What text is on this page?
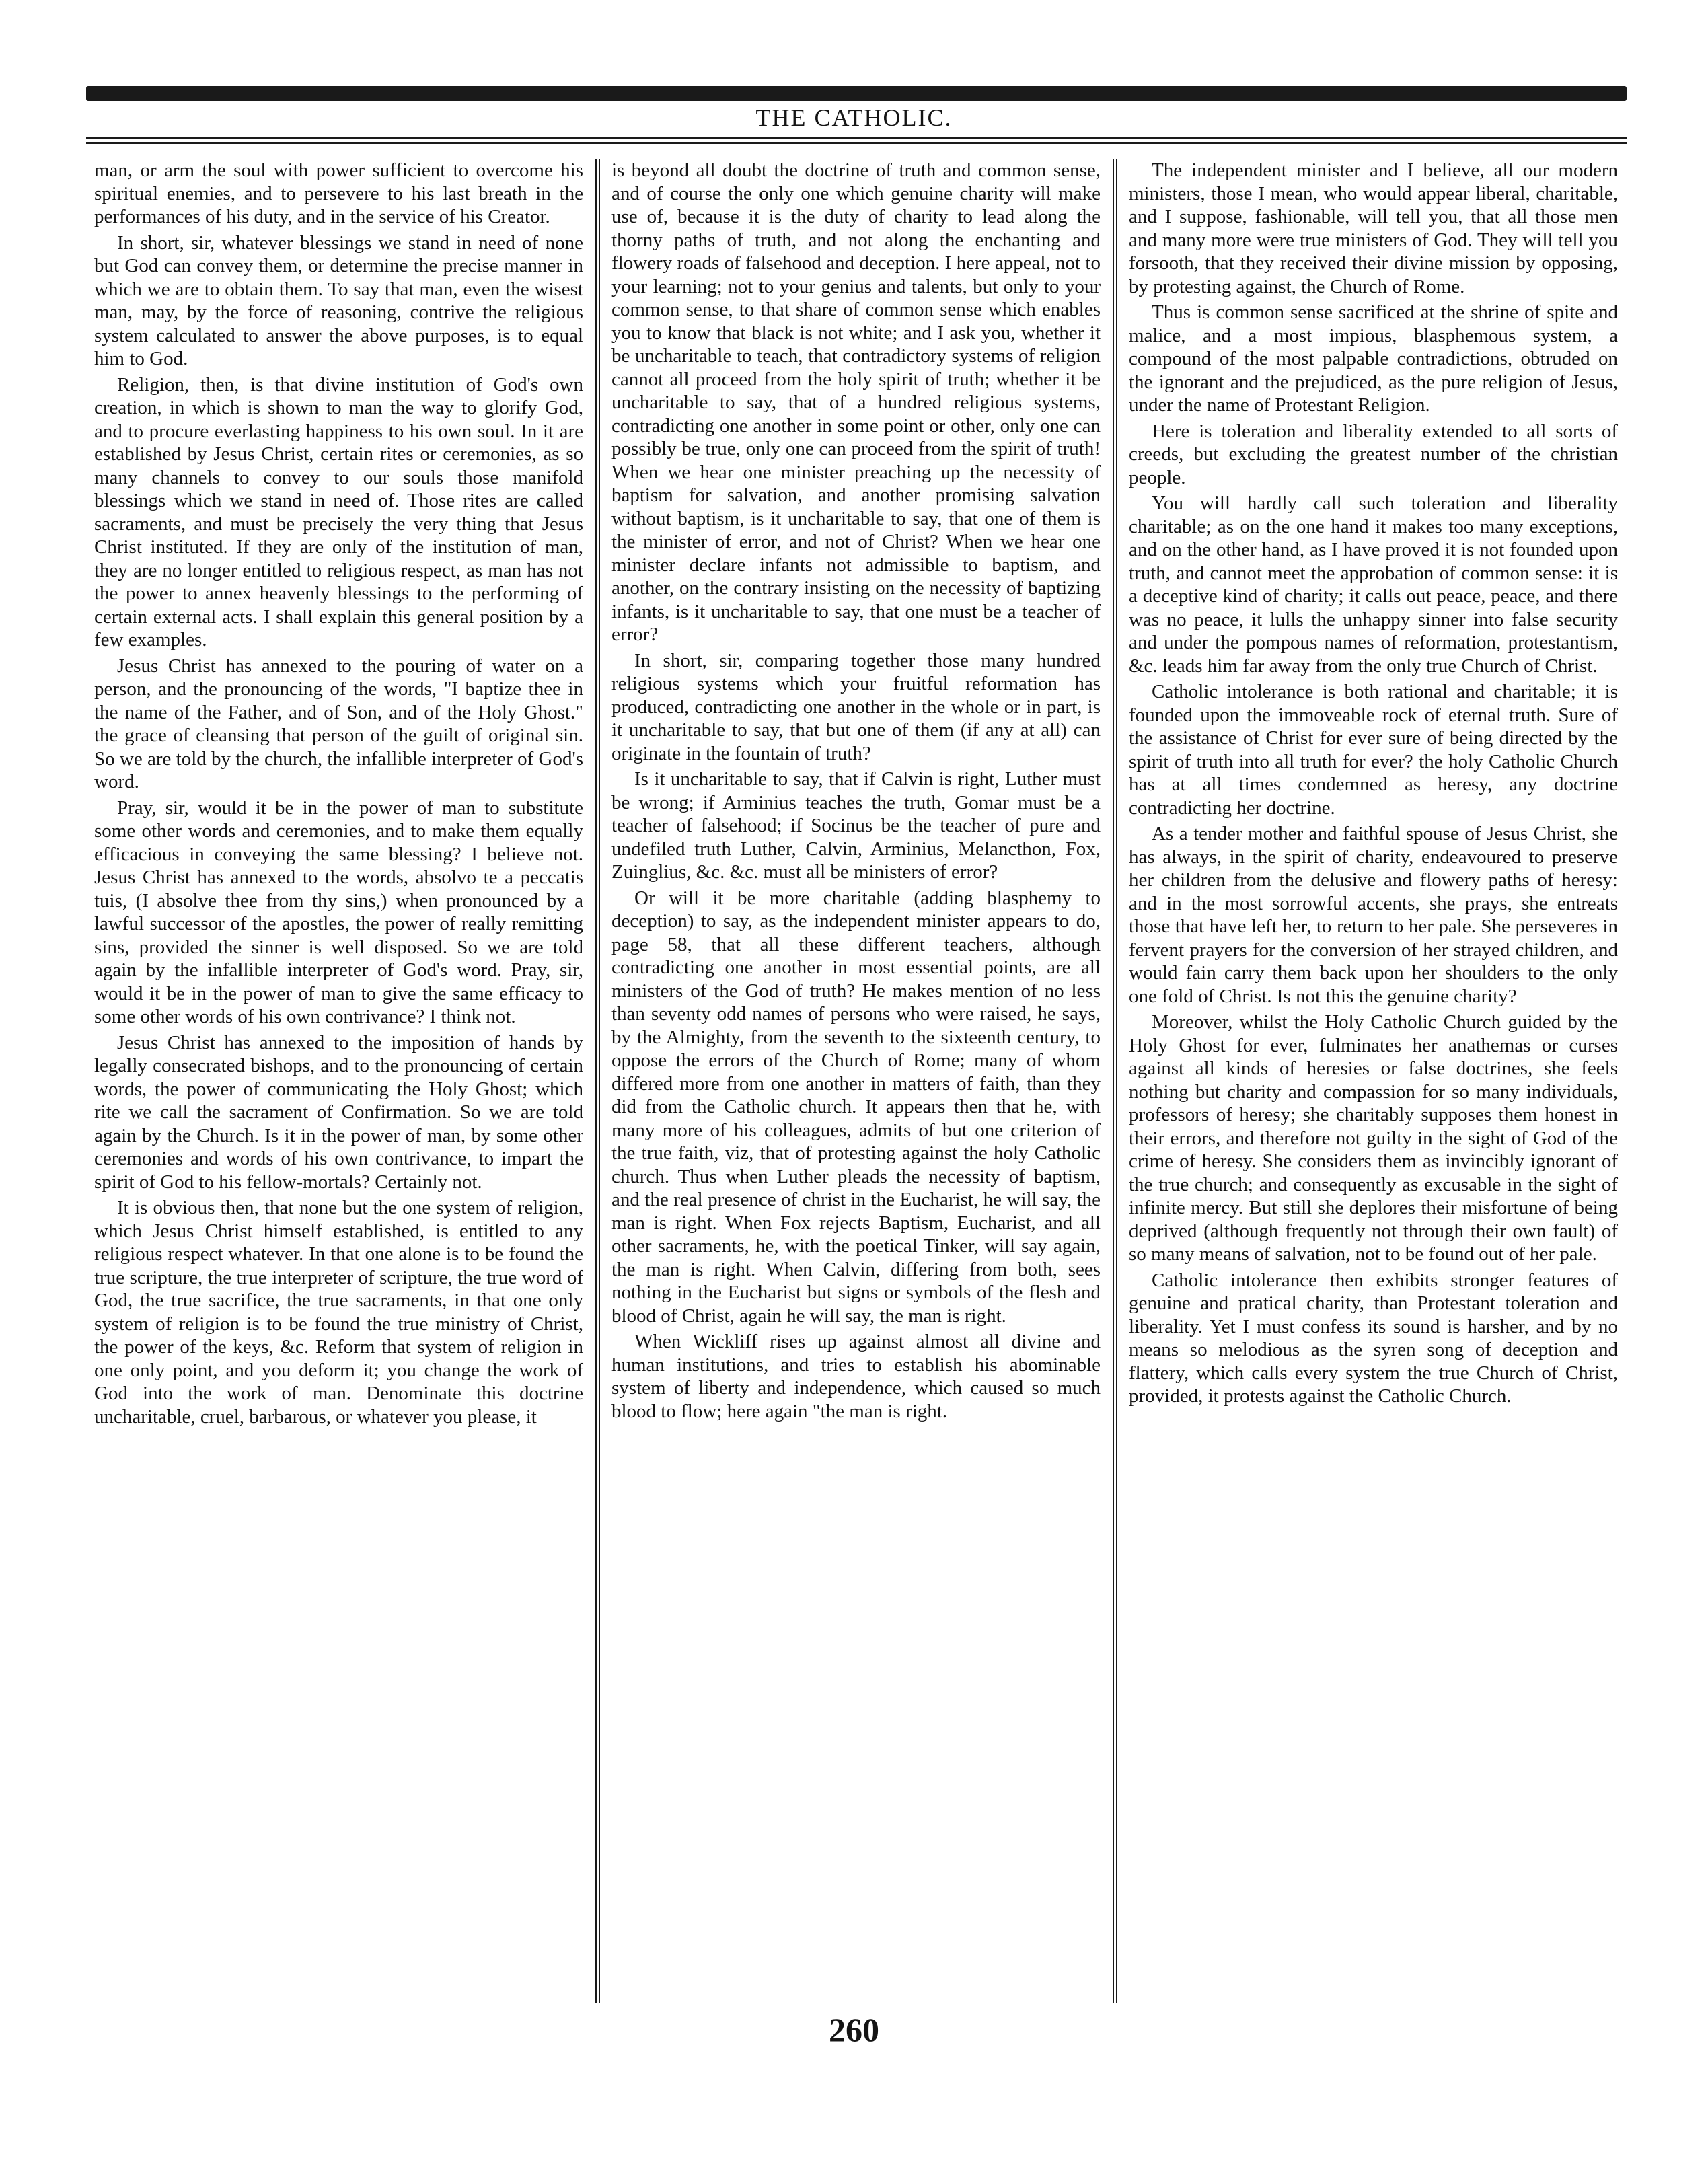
THE CATHOLIC.

man, or arm the soul with power sufficient to overcome his spiritual enemies, and to persevere to his last breath in the performances of his duty, and in the service of his Creator.

In short, sir, whatever blessings we stand in need of none but God can convey them, or determine the precise manner in which we are to obtain them. To say that man, even the wisest man, may, by the force of reasoning, contrive the religious system calculated to answer the above purposes, is to equal him to God.

Religion, then, is that divine institution of God's own creation, in which is shown to man the way to glorify God, and to procure everlasting happiness to his own soul. In it are established by Jesus Christ, certain rites or ceremonies, as so many channels to convey to our souls those manifold blessings which we stand in need of. Those rites are called sacraments, and must be precisely the very thing that Jesus Christ instituted. If they are only of the institution of man, they are no longer entitled to religious respect, as man has not the power to annex heavenly blessings to the performing of certain external acts. I shall explain this general position by a few examples.

Jesus Christ has annexed to the pouring of water on a person, and the pronouncing of the words, "I baptize thee in the name of the Father, and of Son, and of the Holy Ghost." the grace of cleansing that person of the guilt of original sin. So we are told by the church, the infallible interpreter of God's word.

Pray, sir, would it be in the power of man to substitute some other words and ceremonies, and to make them equally efficacious in conveying the same blessing? I believe not. Jesus Christ has annexed to the words, absolvo te a peccatis tuis, (I absolve thee from thy sins,) when pronounced by a lawful successor of the apostles, the power of really remitting sins, provided the sinner is well disposed. So we are told again by the infallible interpreter of God's word. Pray, sir, would it be in the power of man to give the same efficacy to some other words of his own contrivance? I think not.

Jesus Christ has annexed to the imposition of hands by legally consecrated bishops, and to the pronouncing of certain words, the power of communicating the Holy Ghost; which rite we call the sacrament of Confirmation. So we are told again by the Church. Is it in the power of man, by some other ceremonies and words of his own contrivance, to impart the spirit of God to his fellow-mortals? Certainly not.

It is obvious then, that none but the one system of religion, which Jesus Christ himself established, is entitled to any religious respect whatever. In that one alone is to be found the true scripture, the true interpreter of scripture, the true word of God, the true sacrifice, the true sacraments, in that one only system of religion is to be found the true ministry of Christ, the power of the keys, &c. Reform that system of religion in one only point, and you deform it; you change the work of God into the work of man. Denominate this doctrine uncharitable, cruel, barbarous, or whatever you please, it

is beyond all doubt the doctrine of truth and common sense, and of course the only one which genuine charity will make use of, because it is the duty of charity to lead along the thorny paths of truth, and not along the enchanting and flowery roads of falsehood and deception. I here appeal, not to your learning; not to your genius and talents, but only to your common sense, to that share of common sense which enables you to know that black is not white; and I ask you, whether it be uncharitable to teach, that contradictory systems of religion cannot all proceed from the holy spirit of truth; whether it be uncharitable to say, that of a hundred religious systems, contradicting one another in some point or other, only one can possibly be true, only one can proceed from the spirit of truth! When we hear one minister preaching up the necessity of baptism for salvation, and another promising salvation without baptism, is it uncharitable to say, that one of them is the minister of error, and not of Christ? When we hear one minister declare infants not admissible to baptism, and another, on the contrary insisting on the necessity of baptizing infants, is it uncharitable to say, that one must be a teacher of error?

In short, sir, comparing together those many hundred religious systems which your fruitful reformation has produced, contradicting one another in the whole or in part, is it uncharitable to say, that but one of them (if any at all) can originate in the fountain of truth?

Is it uncharitable to say, that if Calvin is right, Luther must be wrong; if Arminius teaches the truth, Gomar must be a teacher of falsehood; if Socinus be the teacher of pure and undefiled truth Luther, Calvin, Arminius, Melancthon, Fox, Zuinglius, &c. &c. must all be ministers of error?

Or will it be more charitable (adding blasphemy to deception) to say, as the independent minister appears to do, page 58, that all these different teachers, although contradicting one another in most essential points, are all ministers of the God of truth? He makes mention of no less than seventy odd names of persons who were raised, he says, by the Almighty, from the seventh to the sixteenth century, to oppose the errors of the Church of Rome; many of whom differed more from one another in matters of faith, than they did from the Catholic church. It appears then that he, with many more of his colleagues, admits of but one criterion of the true faith, viz, that of protesting against the holy Catholic church. Thus when Luther pleads the necessity of baptism, and the real presence of christ in the Eucharist, he will say, the man is right. When Fox rejects Baptism, Eucharist, and all other sacraments, he, with the poetical Tinker, will say again, the man is right. When Calvin, differing from both, sees nothing in the Eucharist but signs or symbols of the flesh and blood of Christ, again he will say, the man is right.

When Wickliff rises up against almost all divine and human institutions, and tries to establish his abominable system of liberty and independence, which caused so much blood to flow; here again "the man is right.

The independent minister and I believe, all our modern ministers, those I mean, who would appear liberal, charitable, and I suppose, fashionable, will tell you, that all those men and many more were true ministers of God. They will tell you forsooth, that they received their divine mission by opposing, by protesting against, the Church of Rome.

Thus is common sense sacrificed at the shrine of spite and malice, and a most impious, blasphemous system, a compound of the most palpable contradictions, obtruded on the ignorant and the prejudiced, as the pure religion of Jesus, under the name of Protestant Religion.

Here is toleration and liberality extended to all sorts of creeds, but excluding the greatest number of the christian people.

You will hardly call such toleration and liberality charitable; as on the one hand it makes too many exceptions, and on the other hand, as I have proved it is not founded upon truth, and cannot meet the approbation of common sense: it is a deceptive kind of charity; it calls out peace, peace, and there was no peace, it lulls the unhappy sinner into false security and under the pompous names of reformation, protestantism, &c. leads him far away from the only true Church of Christ.

Catholic intolerance is both rational and charitable; it is founded upon the immoveable rock of eternal truth. Sure of the assistance of Christ for ever sure of being directed by the spirit of truth into all truth for ever? the holy Catholic Church has at all times condemned as heresy, any doctrine contradicting her doctrine.

As a tender mother and faithful spouse of Jesus Christ, she has always, in the spirit of charity, endeavoured to preserve her children from the delusive and flowery paths of heresy: and in the most sorrowful accents, she prays, she entreats those that have left her, to return to her pale. She perseveres in fervent prayers for the conversion of her strayed children, and would fain carry them back upon her shoulders to the only one fold of Christ. Is not this the genuine charity?

Moreover, whilst the Holy Catholic Church guided by the Holy Ghost for ever, fulminates her anathemas or curses against all kinds of heresies or false doctrines, she feels nothing but charity and compassion for so many individuals, professors of heresy; she charitably supposes them honest in their errors, and therefore not guilty in the sight of God of the crime of heresy. She considers them as invincibly ignorant of the true church; and consequently as excusable in the sight of infinite mercy. But still she deplores their misfortune of being deprived (although frequently not through their own fault) of so many means of salvation, not to be found out of her pale.

Catholic intolerance then exhibits stronger features of genuine and pratical charity, than Protestant toleration and liberality. Yet I must confess its sound is harsher, and by no means so melodious as the syren song of deception and flattery, which calls every system the true Church of Christ, provided, it protests against the Catholic Church.

260
